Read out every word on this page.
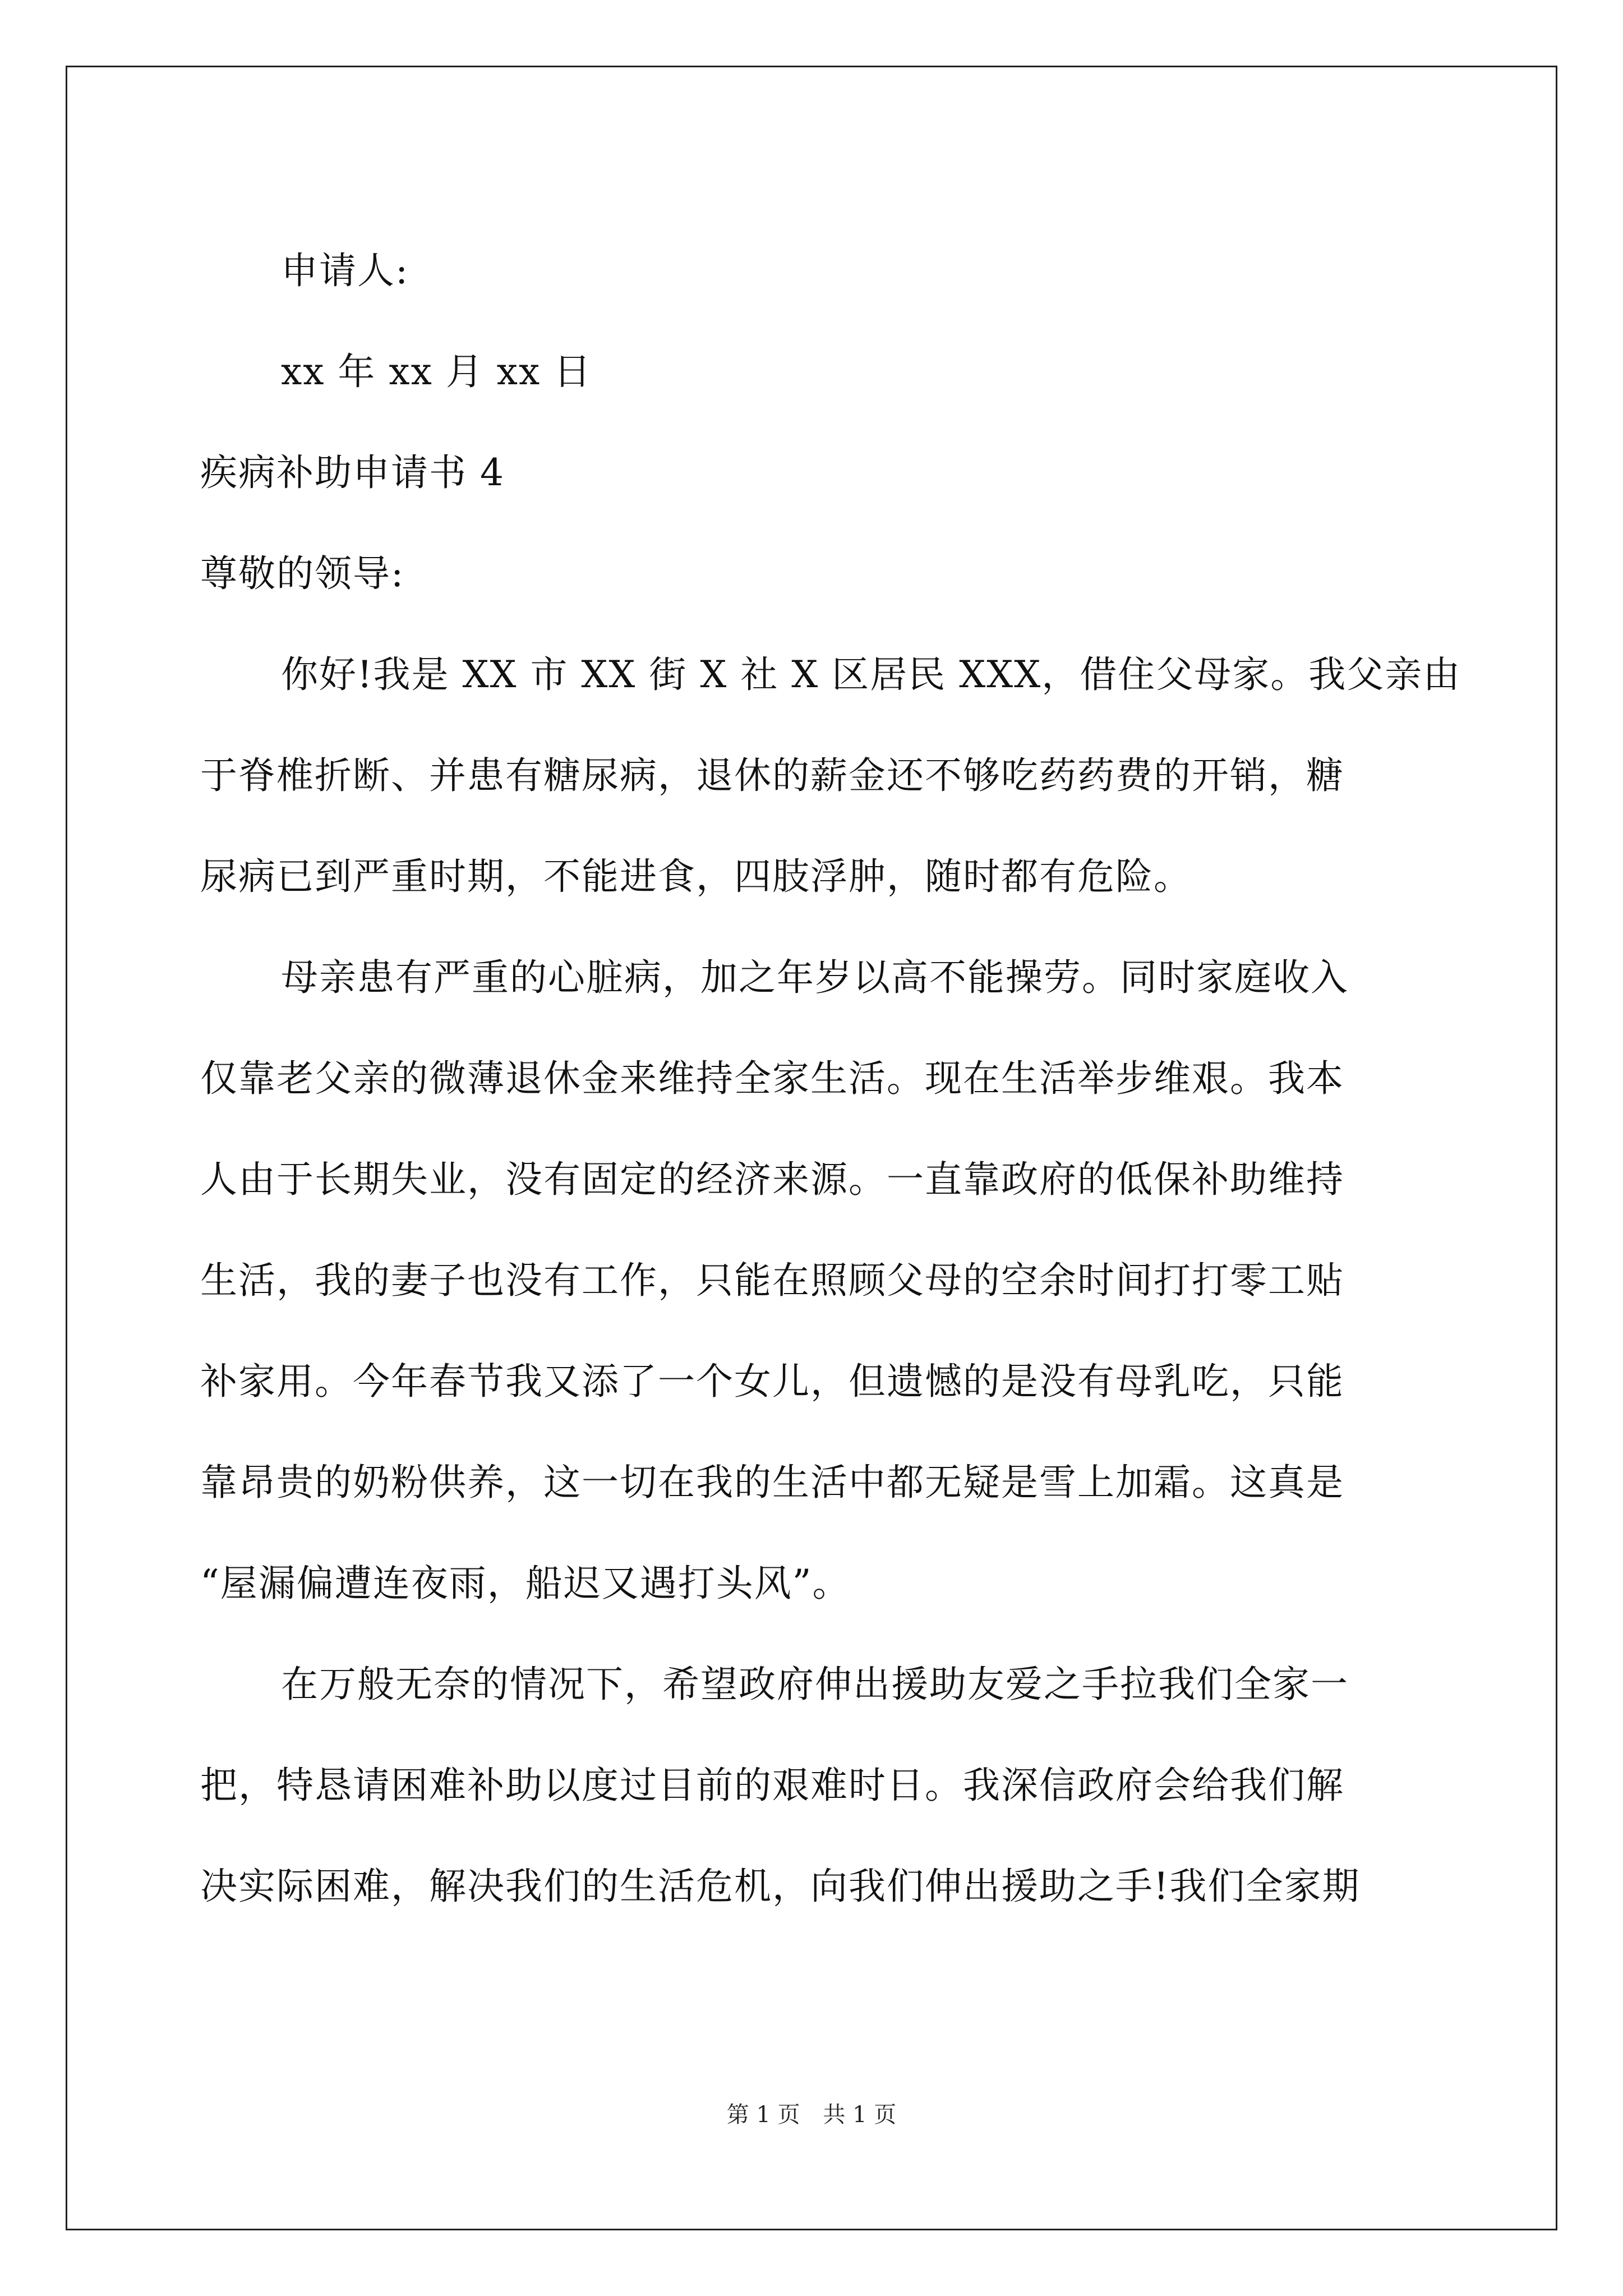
申请人:
xx 年 xx 月 xx 日
疾病补助申请书 4
尊敬的领导:
你好!我是 XX 市 XX 街 X 社 X 区居民 XXX，借住父母家。我父亲由
于脊椎折断、并患有糖尿病，退休的薪金还不够吃药药费的开销，糖
尿病已到严重时期，不能进食，四肢浮肿，随时都有危险。
母亲患有严重的心脏病，加之年岁以高不能操劳。同时家庭收入
仅靠老父亲的微薄退休金来维持全家生活。现在生活举步维艰。我本
人由于长期失业，没有固定的经济来源。一直靠政府的低保补助维持
生活，我的妻子也没有工作，只能在照顾父母的空余时间打打零工贴
补家用。今年春节我又添了一个女儿，但遗憾的是没有母乳吃，只能
靠昂贵的奶粉供养，这一切在我的生活中都无疑是雪上加霜。这真是
“屋漏偏遭连夜雨，船迟又遇打头风”。
在万般无奈的情况下，希望政府伸出援助友爱之手拉我们全家一
把，特恳请困难补助以度过目前的艰难时日。我深信政府会给我们解
决实际困难，解决我们的生活危机，向我们伸出援助之手!我们全家期
第 1 页 共 1 页
